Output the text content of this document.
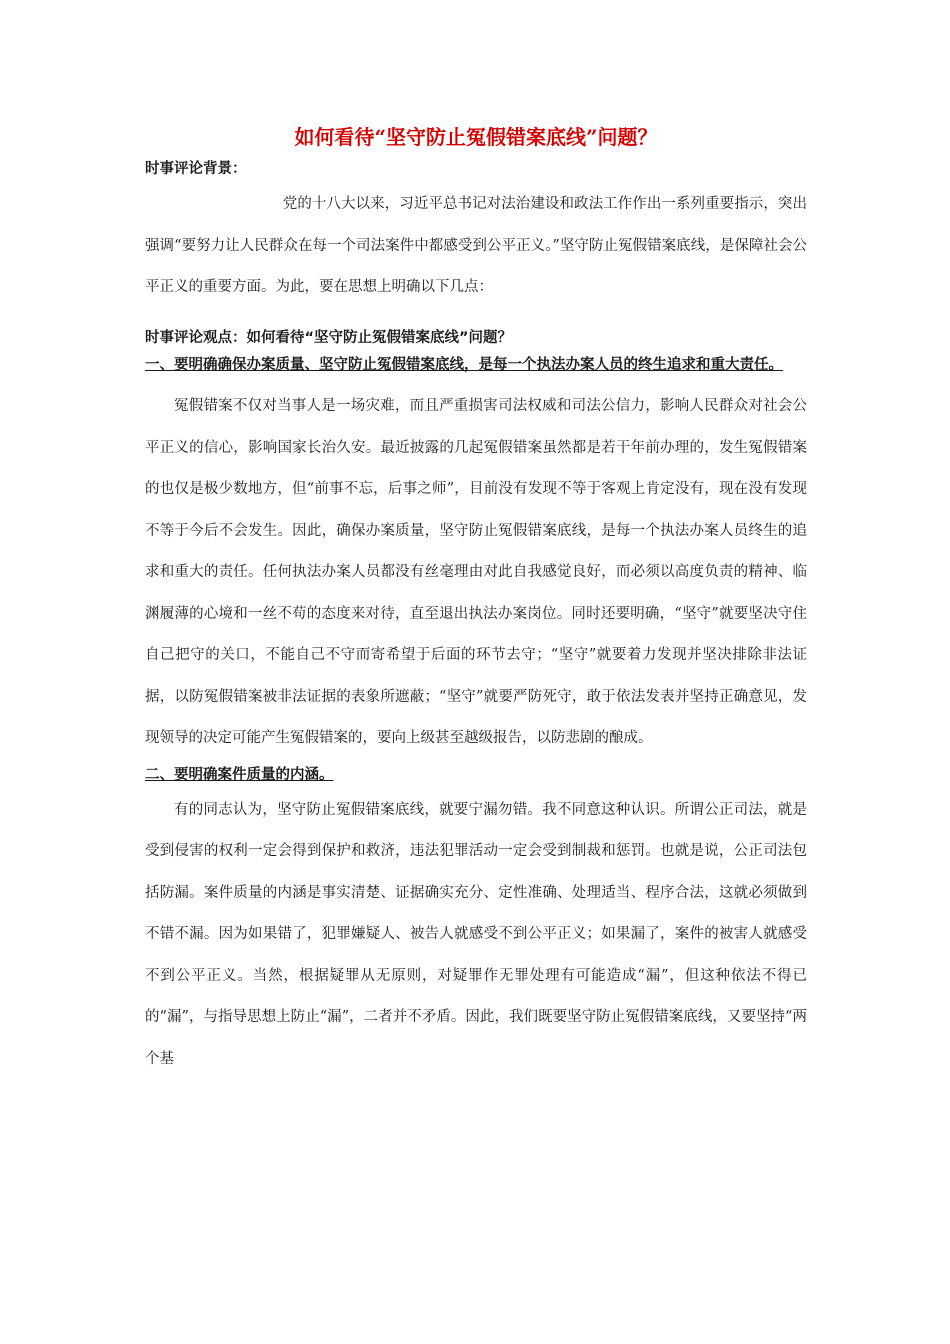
如何看待“坚守防止冤假错案底线”问题？

时事评论背景：

党的十八大以来，习近平总书记对法治建设和政法工作作出一系列重要指示，突出强调“要努力让人民群众在每一个司法案件中都感受到公平正义。”坚守防止冤假错案底线，是保障社会公平正义的重要方面。为此，要在思想上明确以下几点：

时事评论观点：如何看待“坚守防止冤假错案底线”问题？

一、要明确确保办案质量、坚守防止冤假错案底线，是每一个执法办案人员的终生追求和重大责任。

冤假错案不仅对当事人是一场灾难，而且严重损害司法权威和司法公信力，影响人民群众对社会公平正义的信心，影响国家长治久安。最近披露的几起冤假错案虽然都是若干年前办理的，发生冤假错案的也仅是极少数地方，但“前事不忘，后事之师”，目前没有发现不等于客观上肯定没有，现在没有发现不等于今后不会发生。因此，确保办案质量，坚守防止冤假错案底线，是每一个执法办案人员终生的追求和重大的责任。任何执法办案人员都没有丝毫理由对此自我感觉良好，而必须以高度负责的精神、临渊履薄的心境和一丝不苟的态度来对待，直至退出执法办案岗位。同时还要明确，“坚守”就要坚决守住自己把守的关口，不能自己不守而寄希望于后面的环节去守；“坚守”就要着力发现并坚决排除非法证据，以防冤假错案被非法证据的表象所遮蔽；“坚守”就要严防死守，敢于依法发表并坚持正确意见，发现领导的决定可能产生冤假错案的，要向上级甚至越级报告，以防悲剧的酿成。

二、要明确案件质量的内涵。

有的同志认为，坚守防止冤假错案底线，就要宁漏勿错。我不同意这种认识。所谓公正司法，就是受到侵害的权利一定会得到保护和救济，违法犯罪活动一定会受到制裁和惩罚。也就是说，公正司法包括防漏。案件质量的内涵是事实清楚、证据确实充分、定性准确、处理适当、程序合法，这就必须做到不错不漏。因为如果错了，犯罪嫌疑人、被告人就感受不到公平正义；如果漏了，案件的被害人就感受不到公平正义。当然，根据疑罪从无原则，对疑罪作无罪处理有可能造成“漏”，但这种依法不得已的“漏”，与指导思想上防止“漏”，二者并不矛盾。因此，我们既要坚守防止冤假错案底线，又要坚持“两个基
